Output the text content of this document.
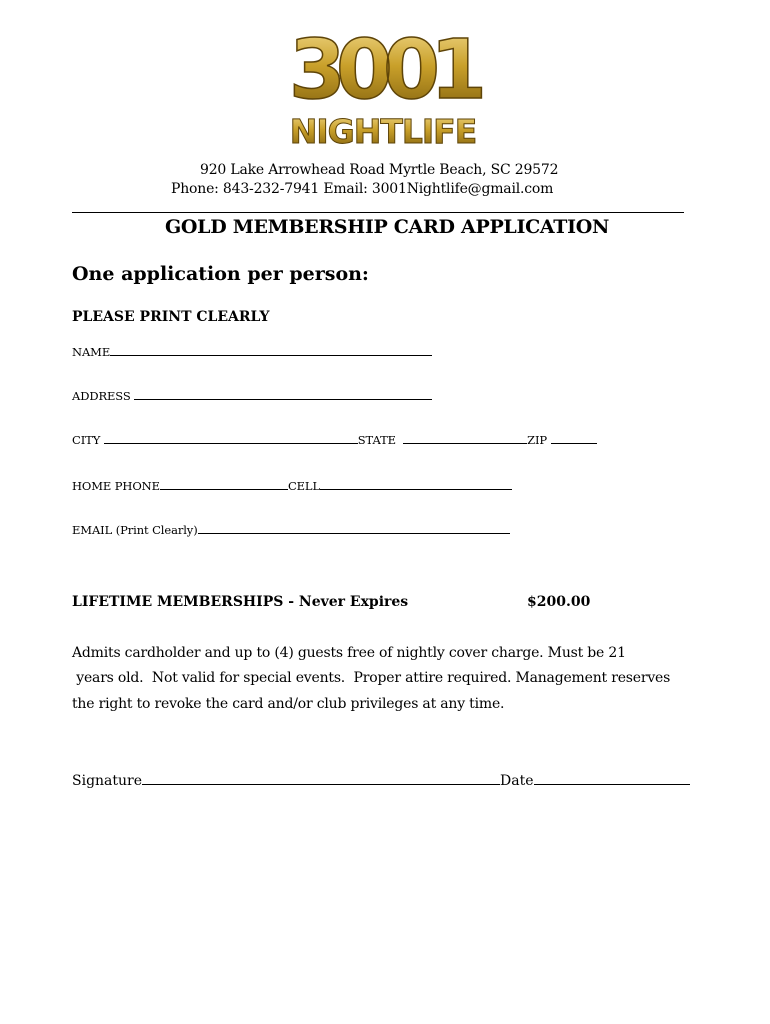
3001
NIGHTLIFE
920 Lake Arrowhead Road Myrtle Beach, SC 29572
Phone: 843-232-7941 Email: 3001Nightlife@gmail.com
GOLD MEMBERSHIP CARD APPLICATION
One application per person:
PLEASE PRINT CLEARLY
NAME
ADDRESS
CITY	STATE	ZIP
HOME PHONE	CELL
EMAIL (Print Clearly)
LIFETIME MEMBERSHIPS - Never Expires	$200.00
Admits cardholder and up to (4) guests free of nightly cover charge. Must be 21
years old.  Not valid for special events.  Proper attire required. Management reserves
the right to revoke the card and/or club privileges at any time.
Signature	Date
